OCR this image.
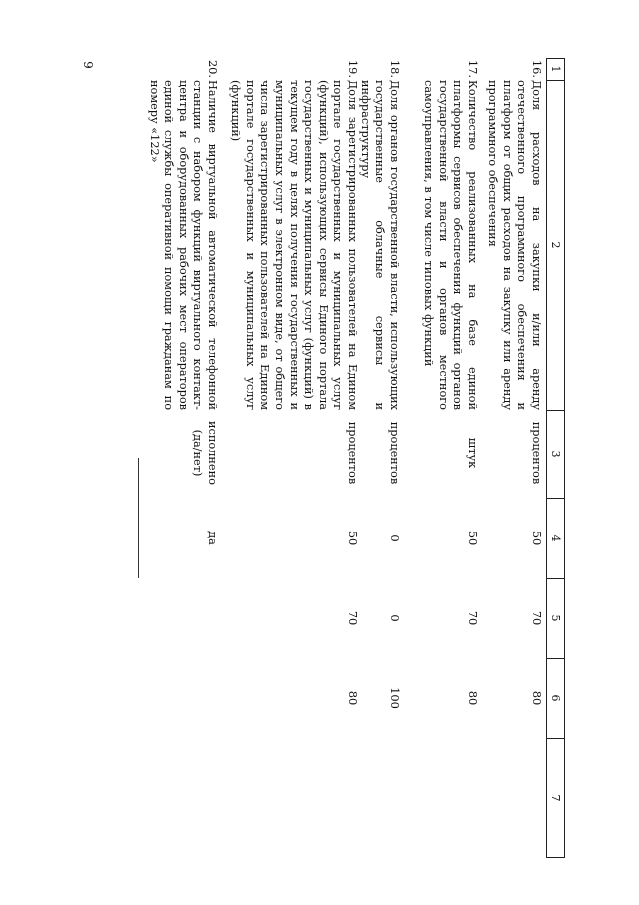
9
1
2
3
4
5
6
7
16.
Доля расходов на закупки и/или аренду отечественного программного обеспечения и платформ от общих расходов на закупку или аренду программного обеспечения
процентов
50
70
80
17.
Количество реализованных на базе единой платформы сервисов обеспечения функций органов государственной власти и органов местного самоуправления, в том числе типовых функций
штук
50
70
80
18.
Доля органов государственной власти, использующих государственные облачные сервисы и инфраструктуру
процентов
0
0
100
19.
Доля зарегистрированных пользователей на Едином портале государственных и муниципальных услуг (функций), использующих сервисы Единого портала государственных и муниципальных услуг (функций) в текущем году в целях получения государственных и муниципальных услуг в электронном виде, от общего числа зарегистрированных пользователей на Едином портале государственных и муниципальных услуг (функций)
процентов
50
70
80
20.
Наличие виртуальной автоматической телефонной станции с набором функций виртуального контакт-центра и оборудованных рабочих мест операторов единой службы оперативной помощи гражданам по номеру «122»
исполнено (да/нет)
да
